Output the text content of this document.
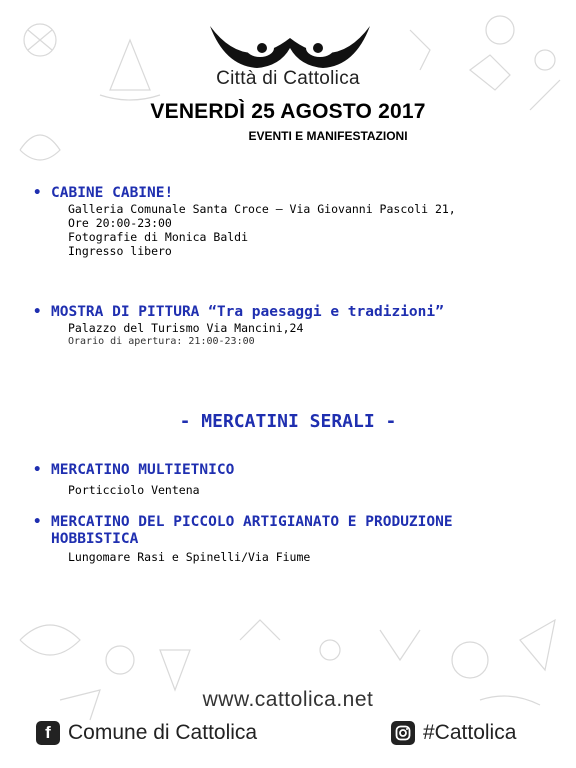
Città di Cattolica
VENERDÌ 25 AGOSTO 2017
EVENTI E MANIFESTAZIONI
• CABINE CABINE!
Galleria Comunale Santa Croce – Via Giovanni Pascoli 21,
Ore 20:00-23:00
Fotografie di Monica Baldi
Ingresso libero
• MOSTRA DI PITTURA “Tra paesaggi e tradizioni”
Palazzo del Turismo Via Mancini,24
Orario di apertura: 21:00-23:00
- MERCATINI SERALI -
• MERCATINO MULTIETNICO
Porticciolo Ventena
• MERCATINO DEL PICCOLO ARTIGIANATO E PRODUZIONE
HOBBISTICA
Lungomare Rasi e Spinelli/Via Fiume
www.cattolica.net
f Comune di Cattolica	#Cattolica
